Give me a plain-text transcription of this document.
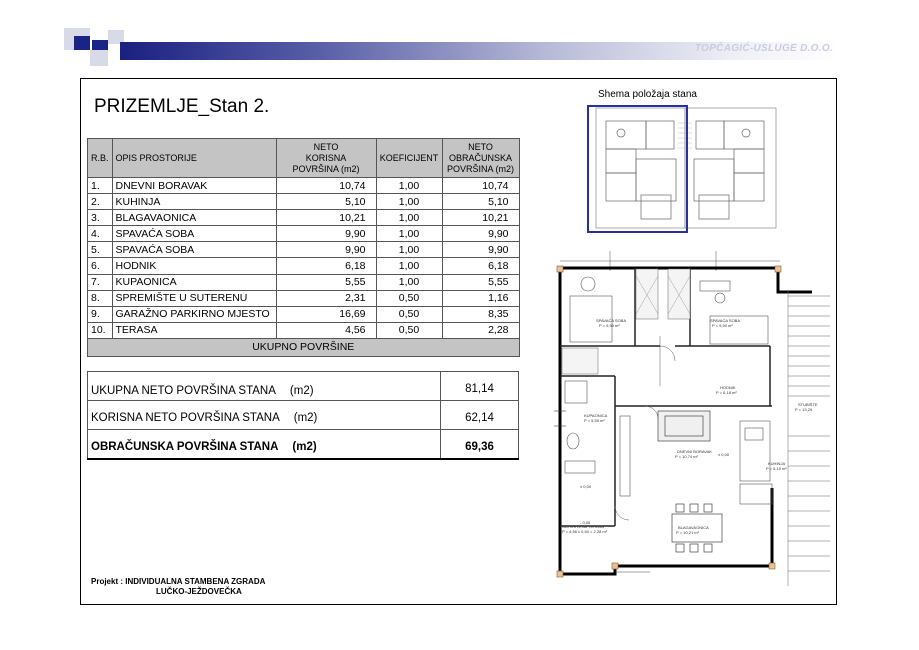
TOPČAGIĆ-USLUGE D.O.O.
PRIZEMLJE_Stan 2.
R.B.	OPIS PROSTORIJE	NETO
KORISNA
POVRŠINA (m2)	KOEFICIJENT	NETO
OBRAČUNSKA
POVRŠINA (m2)
1.	DNEVNI BORAVAK	10,74	1,00	10,74
2.	KUHINJA	5,10	1,00	5,10
3.	BLAGAVAONICA	10,21	1,00	10,21
4.	SPAVAĆA SOBA	9,90	1,00	9,90
5.	SPAVAĆA SOBA	9,90	1,00	9,90
6.	HODNIK	6,18	1,00	6,18
7.	KUPAONICA	5,55	1,00	5,55
8.	SPREMIŠTE U SUTERENU	2,31	0,50	1,16
9.	GARAŽNO PARKIRNO MJESTO	16,69	0,50	8,35
10.	TERASA	4,56	0,50	2,28
UKUPNO POVRŠINE				
UKUPNA NETO POVRŠINA STANA (m2)	81,14
KORISNA NETO POVRŠINA STANA (m2)	62,14
OBRAČUNSKA POVRŠINA STANA (m2)	69,36
Projekt : INDIVIDUALNA STAMBENA ZGRADA
LUČKO-JEŽDOVEČKA
Shema položaja stana
SPAVAĆA SOBA
P = 9,90 m²
SPAVAĆA SOBA
P = 9,90 m²
HODNIK
P = 6,18 m²
KUPAONICA
P = 5,55 m²
DNEVNI BORAVAK
P = 10,74 m²
KUHINJA
P = 5,10 m²
BLAGAVAONICA
P = 10,21 m²
NATKRIVENA TERASA
P = 4,56 x 0,50 = 2,28 m²
STUBIŠTE
P = 13,29
± 0,00
± 0,00
- 0,05
